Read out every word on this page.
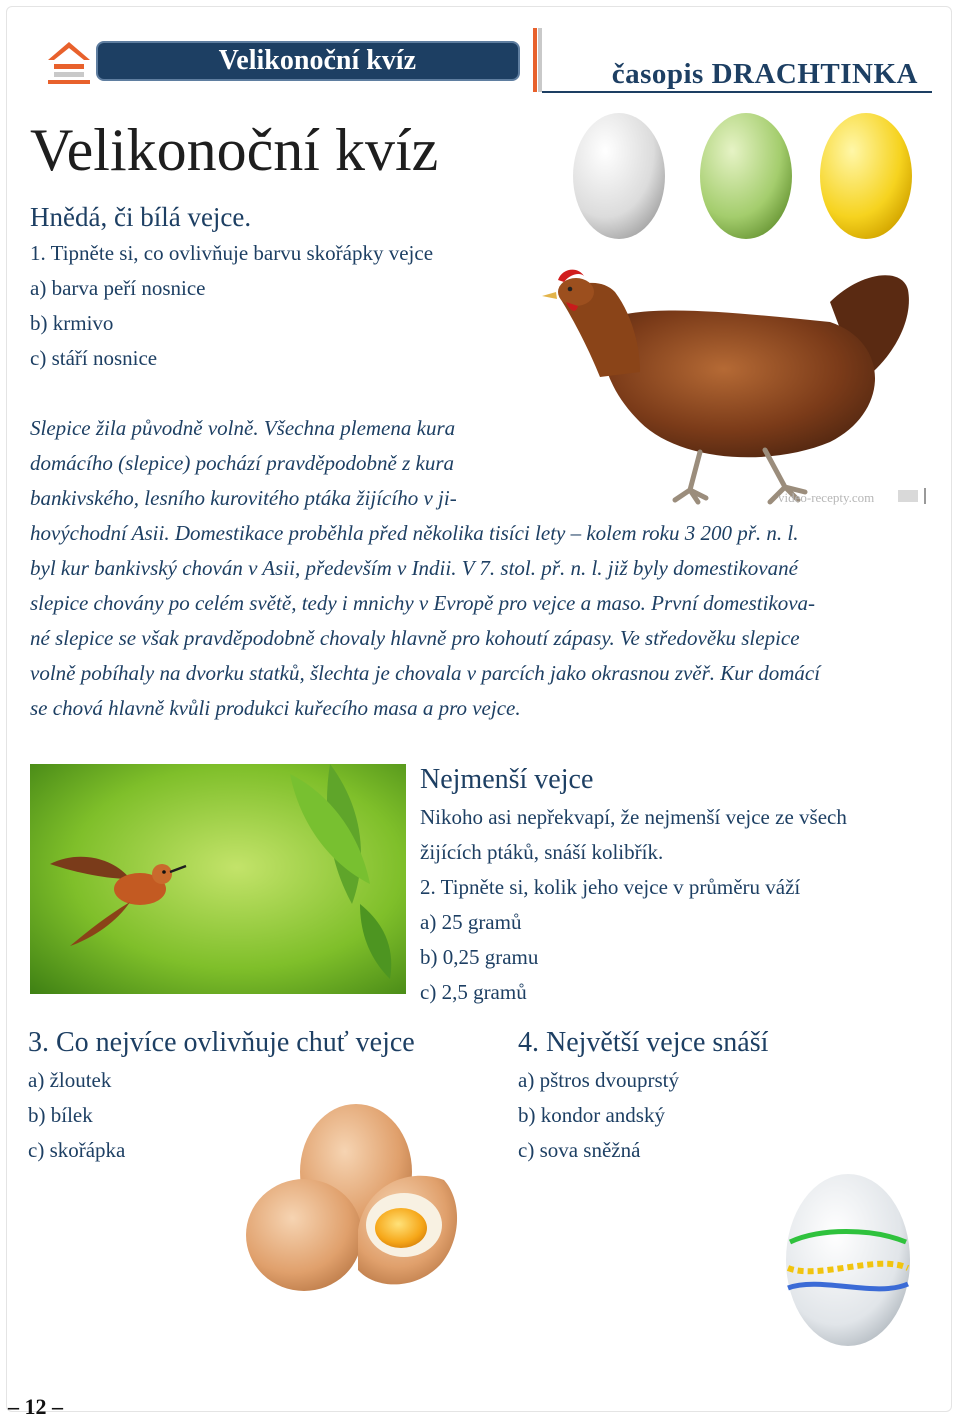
Velikonoční kvíz	časopis DRACHTINKA
Velikonoční kvíz
video-recepty.com
Hnědá, či bílá vejce.
1. Tipněte si, co ovlivňuje barvu skořápky vejce
a) barva peří nosnice
b) krmivo
c) stáří nosnice
Slepice žila původně volně. Všechna plemena kura
domácího (slepice) pochází pravděpodobně z kura
bankivského, lesního kurovitého ptáka žijícího v ji-
hovýchodní Asii. Domestikace proběhla před několika tisíci lety – kolem roku 3 200 př. n. l.
byl kur bankivský chován v Asii, především v Indii. V 7. stol. př. n. l. již byly domestikované
slepice chovány po celém světě, tedy i mnichy v Evropě pro vejce a maso. První domestikova-
né slepice se však pravděpodobně chovaly hlavně pro kohoutí zápasy. Ve středověku slepice
volně pobíhaly na dvorku statků, šlechta je chovala v parcích jako okrasnou zvěř. Kur domácí
se chová hlavně kvůli produkci kuřecího masa a pro vejce.
Nejmenší vejce
Nikoho asi nepřekvapí, že nejmenší vejce ze všech
žijících ptáků, snáší kolibřík.
2. Tipněte si, kolik jeho vejce v průměru váží
a) 25 gramů
b) 0,25 gramu
c) 2,5 gramů
3. Co nejvíce ovlivňuje chuť vejce
a) žloutek
b) bílek
c) skořápka
4. Největší vejce snáší
a) pštros dvouprstý
b) kondor andský
c) sova sněžná
– 12 –
